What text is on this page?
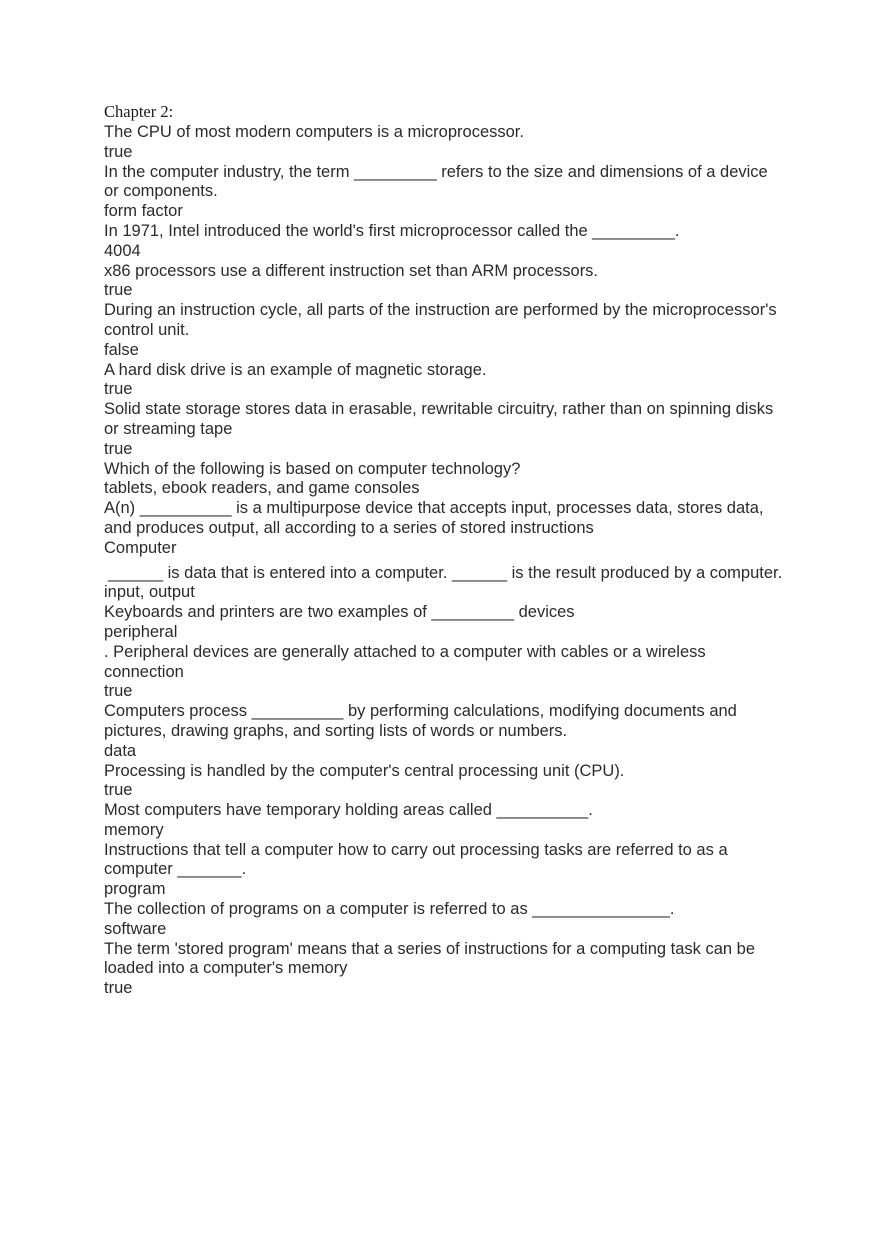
Chapter 2:

The CPU of most modern computers is a microprocessor.

true

In the computer industry, the term _________ refers to the size and dimensions of a device or components.

form factor

In 1971, Intel introduced the world's first microprocessor called the _________.

4004

x86 processors use a different instruction set than ARM processors.

true

During an instruction cycle, all parts of the instruction are performed by the microprocessor's control unit.

false

A hard disk drive is an example of magnetic storage.

true

Solid state storage stores data in erasable, rewritable circuitry, rather than on spinning disks or streaming tape

true

Which of the following is based on computer technology?

tablets, ebook readers, and game consoles

A(n) __________ is a multipurpose device that accepts input, processes data, stores data, and produces output, all according to a series of stored instructions

Computer

______ is data that is entered into a computer. ______ is the result produced by a computer.

input, output

Keyboards and printers are two examples of _________ devices

peripheral

. Peripheral devices are generally attached to a computer with cables or a wireless connection

true

Computers process __________ by performing calculations, modifying documents and pictures, drawing graphs, and sorting lists of words or numbers.

data

Processing is handled by the computer's central processing unit (CPU).

true

Most computers have temporary holding areas called __________.

memory

Instructions that tell a computer how to carry out processing tasks are referred to as a computer _______.

program

The collection of programs on a computer is referred to as _______________.

software

The term 'stored program' means that a series of instructions for a computing task can be loaded into a computer's memory

true
